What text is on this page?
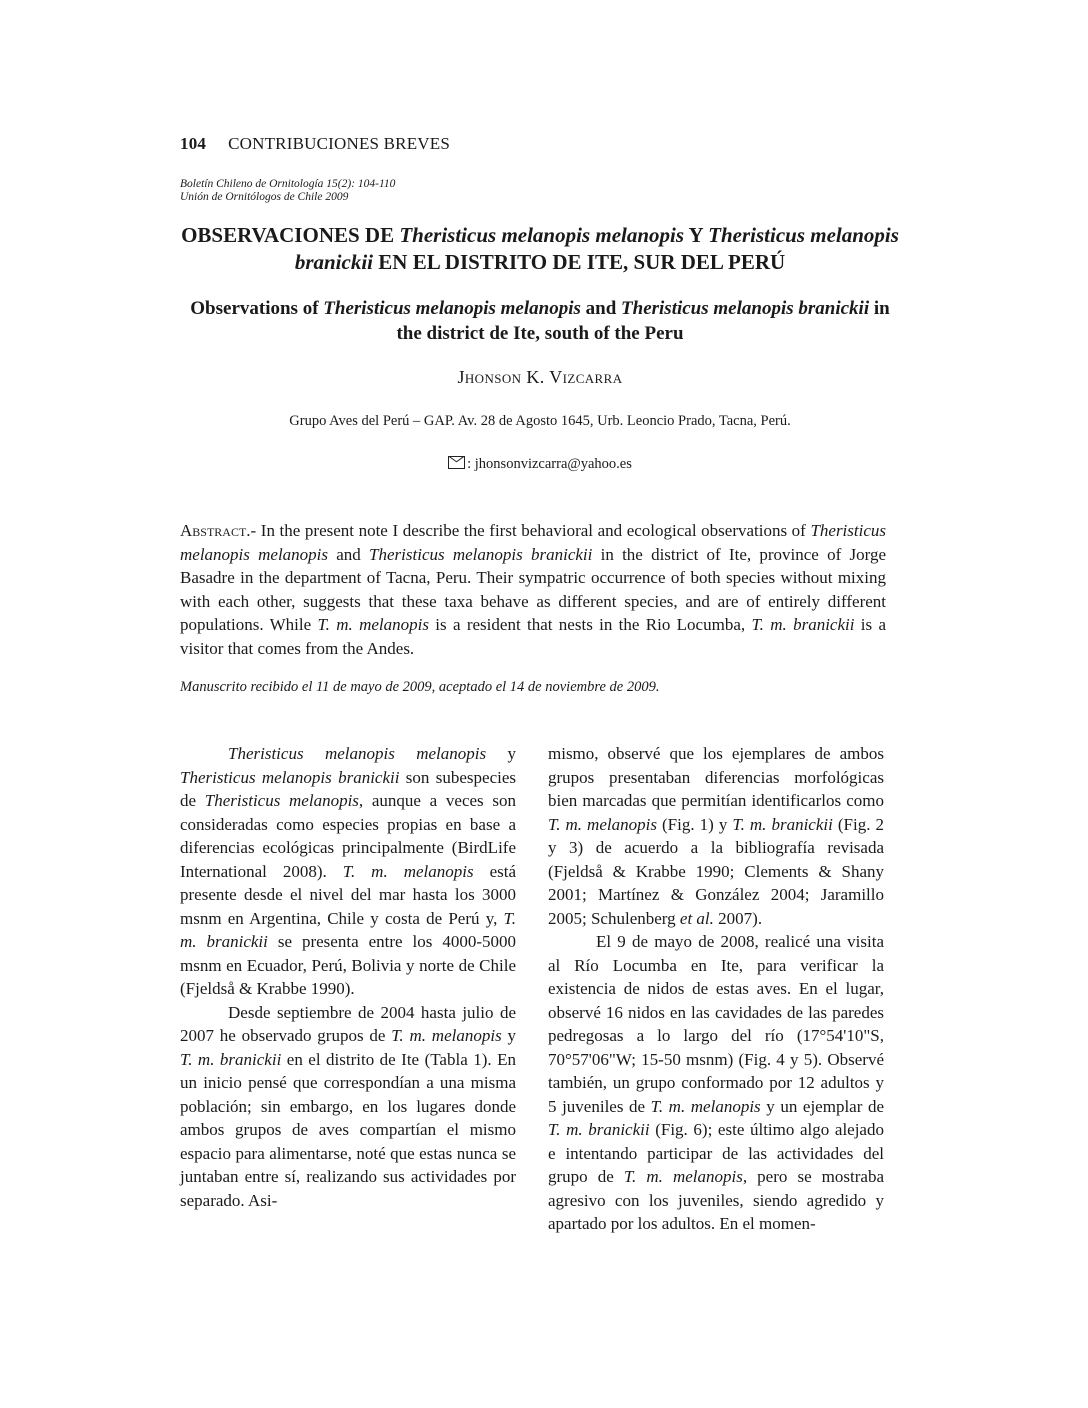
104 CONTRIBUCIONES BREVES
Boletín Chileno de Ornitología 15(2): 104-110
Unión de Ornitólogos de Chile 2009
OBSERVACIONES DE Theristicus melanopis melanopis Y Theristicus melanopis branickii EN EL DISTRITO DE ITE, SUR DEL PERÚ
Observations of Theristicus melanopis melanopis and Theristicus melanopis branickii in the district de Ite, south of the Peru
Jhonson K. Vizcarra
Grupo Aves del Perú – GAP. Av. 28 de Agosto 1645, Urb. Leoncio Prado, Tacna, Perú.
: jhonsonvizcarra@yahoo.es
Abstract.- In the present note I describe the first behavioral and ecological observations of Theristicus melanopis melanopis and Theristicus melanopis branickii in the district of Ite, province of Jorge Basadre in the department of Tacna, Peru. Their sympatric occurrence of both species without mixing with each other, suggests that these taxa behave as different species, and are of entirely different populations. While T. m. melanopis is a resident that nests in the Rio Locumba, T. m. branickii is a visitor that comes from the Andes.
Manuscrito recibido el 11 de mayo de 2009, aceptado el 14 de noviembre de 2009.

Theristicus melanopis melanopis y Theristicus melanopis branickii son subespecies de Theristicus melanopis, aunque a veces son consideradas como especies propias en base a diferencias ecológicas principalmente (BirdLife International 2008). T. m. melanopis está presente desde el nivel del mar hasta los 3000 msnm en Argentina, Chile y costa de Perú y, T. m. branickii se presenta entre los 4000-5000 msnm en Ecuador, Perú, Bolivia y norte de Chile (Fjeldså & Krabbe 1990).

Desde septiembre de 2004 hasta julio de 2007 he observado grupos de T. m. melanopis y T. m. branickii en el distrito de Ite (Tabla 1). En un inicio pensé que correspondían a una misma población; sin embargo, en los lugares donde ambos grupos de aves compartían el mismo espacio para alimentarse, noté que estas nunca se juntaban entre sí, realizando sus actividades por separado. Asi-

mismo, observé que los ejemplares de ambos grupos presentaban diferencias morfológicas bien marcadas que permitían identificarlos como T. m. melanopis (Fig. 1) y T. m. branickii (Fig. 2 y 3) de acuerdo a la bibliografía revisada (Fjeldså & Krabbe 1990; Clements & Shany 2001; Martínez & González 2004; Jaramillo 2005; Schulenberg et al. 2007).

El 9 de mayo de 2008, realicé una visita al Río Locumba en Ite, para verificar la existencia de nidos de estas aves. En el lugar, observé 16 nidos en las cavidades de las paredes pedregosas a lo largo del río (17°54'10"S, 70°57'06"W; 15-50 msnm) (Fig. 4 y 5). Observé también, un grupo conformado por 12 adultos y 5 juveniles de T. m. melanopis y un ejemplar de T. m. branickii (Fig. 6); este último algo alejado e intentando participar de las actividades del grupo de T. m. melanopis, pero se mostraba agresivo con los juveniles, siendo agredido y apartado por los adultos. En el momen-
